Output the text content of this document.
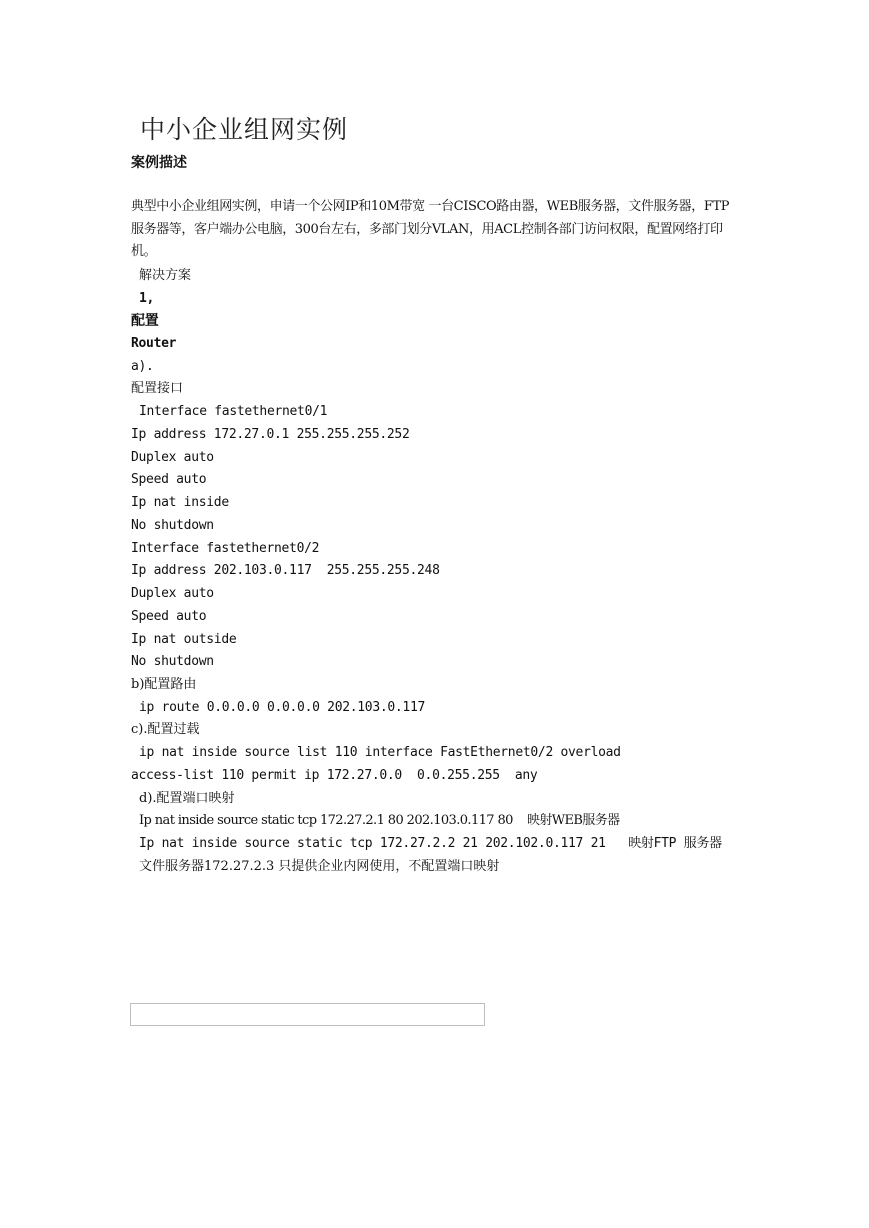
中小企业组网实例
案例描述
典型中小企业组网实例，申请一个公网IP和10M带宽 一台CISCO路由器，WEB服务器，文件服务器，FTP服务器等，客户端办公电脑，300台左右，多部门划分VLAN，用ACL控制各部门访问权限，配置网络打印机。
解决方案
1,
配置
Router
a).
配置接口
Interface fastethernet0/1
Ip address 172.27.0.1 255.255.255.252
Duplex auto
Speed auto
Ip nat inside
No shutdown
Interface fastethernet0/2
Ip address 202.103.0.117  255.255.255.248
Duplex auto
Speed auto
Ip nat outside
No shutdown
b)配置路由
ip route 0.0.0.0 0.0.0.0 202.103.0.117
c).配置过载
ip nat inside source list 110 interface FastEthernet0/2 overload
access-list 110 permit ip 172.27.0.0  0.0.255.255  any
d).配置端口映射
Ip nat inside source static tcp 172.27.2.1 80 202.103.0.117 80    映射WEB服务器
Ip nat inside source static tcp 172.27.2.2 21 202.102.0.117 21   映射FTP 服务器
文件服务器172.27.2.3 只提供企业内网使用，不配置端口映射
